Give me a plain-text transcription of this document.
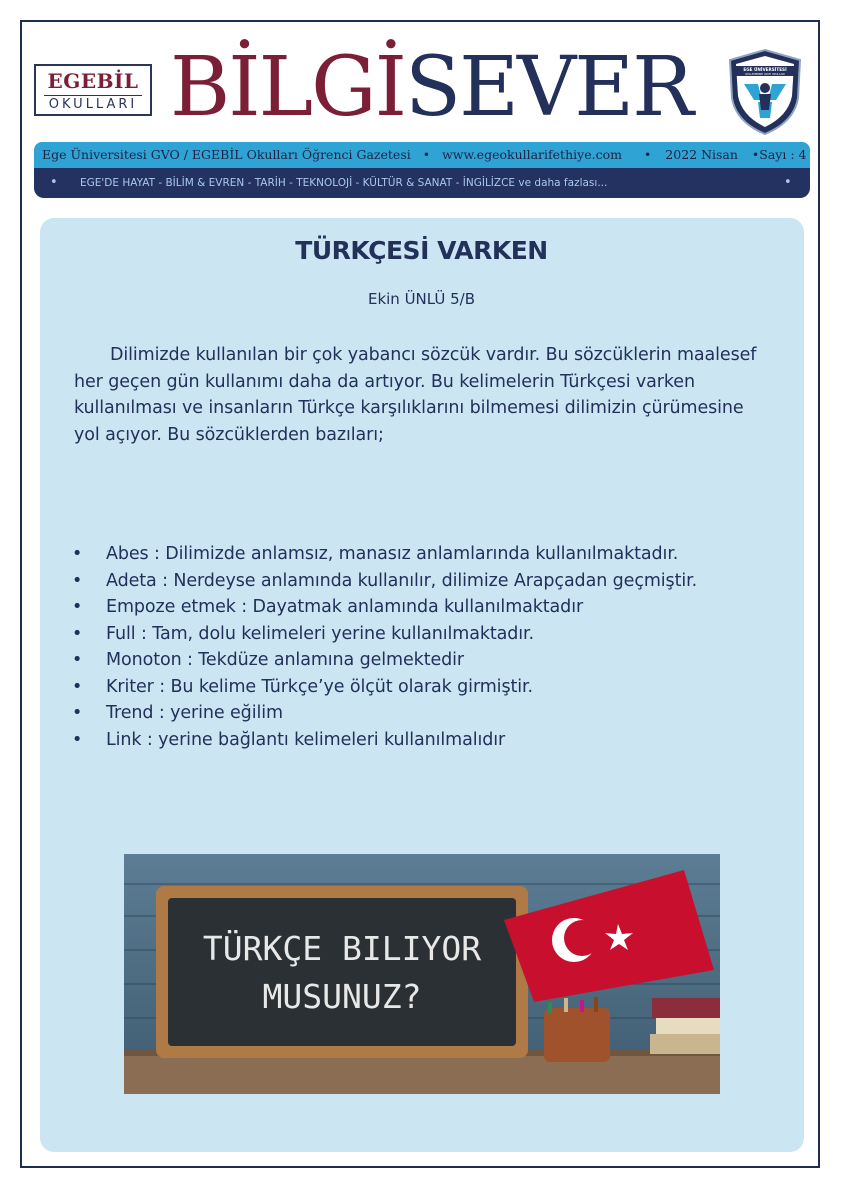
EGEBİL
OKULLARI BİLGİSEVER	EGE ÜNİVERSİTESİ
GÜLLEMENNE VAKFI OKULLARI
Ege Üniversitesi GVO / EGEBİL Okulları Öğrenci Gazetesi • www.egeokullarifethiye.com • 2022 Nisan •Sayı : 4
• EGE'DE HAYAT - BİLİM & EVREN - TARİH - TEKNOLOJİ - KÜLTÜR & SANAT - İNGİLİZCE ve daha fazlası...	•
TÜRKÇESİ VARKEN
Ekin ÜNLÜ 5/B

Dilimizde kullanılan bir çok yabancı sözcük vardır. Bu sözcüklerin maalesef her geçen gün kullanımı daha da artıyor. Bu kelimelerin Türkçesi varken kullanılması ve insanların Türkçe karşılıklarını bilmemesi dilimizin çürümesine yol açıyor. Bu sözcüklerden bazıları;

• Abes : Dilimizde anlamsız, manasız anlamlarında kullanılmaktadır.
• Adeta : Nerdeyse anlamında kullanılır, dilimize Arapçadan geçmiştir.
• Empoze etmek : Dayatmak anlamında kullanılmaktadır
• Full : Tam, dolu kelimeleri yerine kullanılmaktadır.
• Monoton : Tekdüze anlamına gelmektedir
• Kriter : Bu kelime Türkçe’ye ölçüt olarak girmiştir.
• Trend : yerine eğilim
• Link : yerine bağlantı kelimeleri kullanılmalıdır
TÜRKÇE BILIYOR
MUSUNUZ?
